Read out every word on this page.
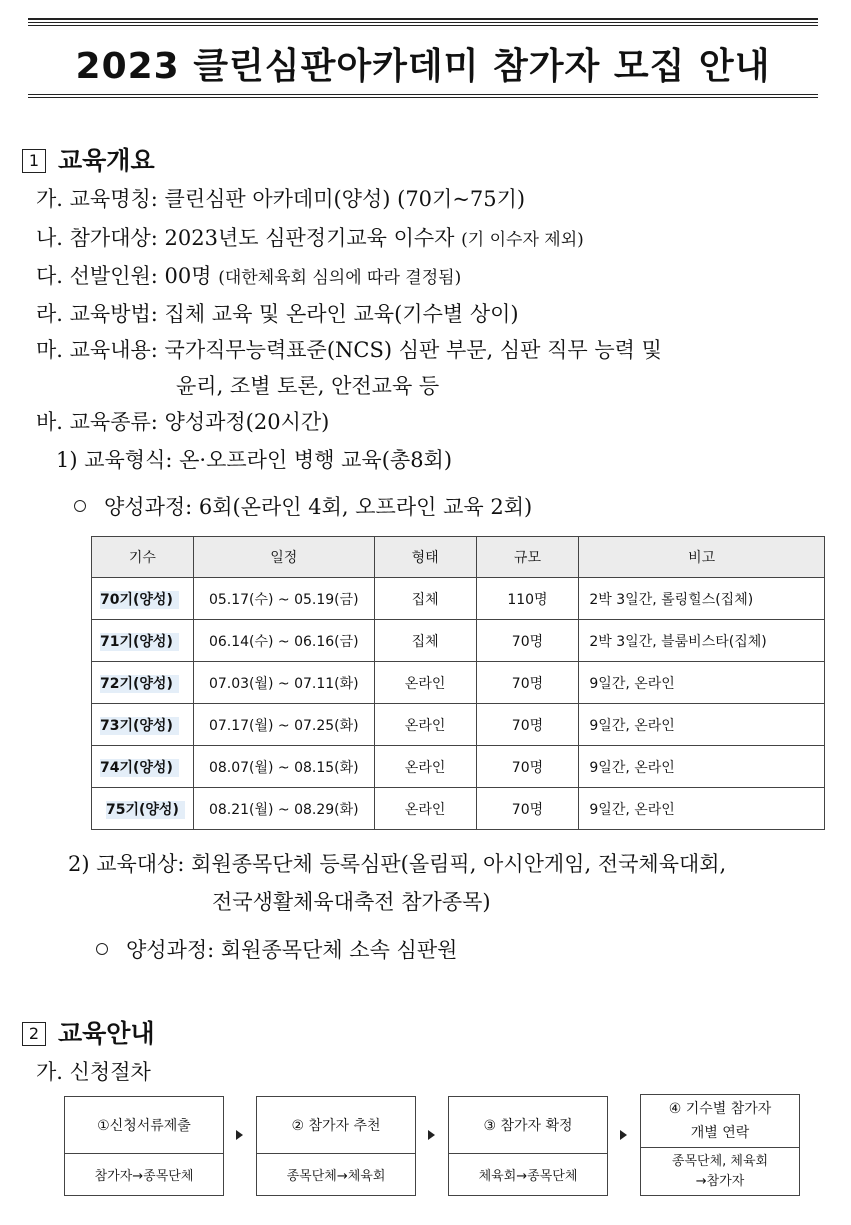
2023 클린심판아카데미 참가자 모집 안내
1 교육개요
가. 교육명칭: 클린심판 아카데미(양성) (70기~75기)
나. 참가대상: 2023년도 심판정기교육 이수자 (기 이수자 제외)
다. 선발인원: 00명 (대한체육회 심의에 따라 결정됨)
라. 교육방법: 집체 교육 및 온라인 교육(기수별 상이)
마. 교육내용: 국가직무능력표준(NCS) 심판 부문, 심판 직무 능력 및
윤리, 조별 토론, 안전교육 등
바. 교육종류: 양성과정(20시간)
1) 교육형식: 온·오프라인 병행 교육(총8회)
양성과정: 6회(온라인 4회, 오프라인 교육 2회)
기수	일정	형태	규모	비고
70기(양성)	05.17(수) ~ 05.19(금)	집체	110명	2박 3일간, 롤링힐스(집체)
71기(양성)	06.14(수) ~ 06.16(금)	집체	70명	2박 3일간, 블룸비스타(집체)
72기(양성)	07.03(월) ~ 07.11(화)	온라인	70명	9일간, 온라인
73기(양성)	07.17(월) ~ 07.25(화)	온라인	70명	9일간, 온라인
74기(양성)	08.07(월) ~ 08.15(화)	온라인	70명	9일간, 온라인
75기(양성)	08.21(월) ~ 08.29(화)	온라인	70명	9일간, 온라인
2) 교육대상: 회원종목단체 등록심판(올림픽, 아시안게임, 전국체육대회,
전국생활체육대축전 참가종목)
양성과정: 회원종목단체 소속 심판원
2 교육안내
가. 신청절차
①신청서류제출
참가자→종목단체
② 참가자 추천
종목단체→체육회
③ 참가자 확정
체육회→종목단체
④ 기수별 참가자
개별 연락
종목단체, 체육회
→참가자
